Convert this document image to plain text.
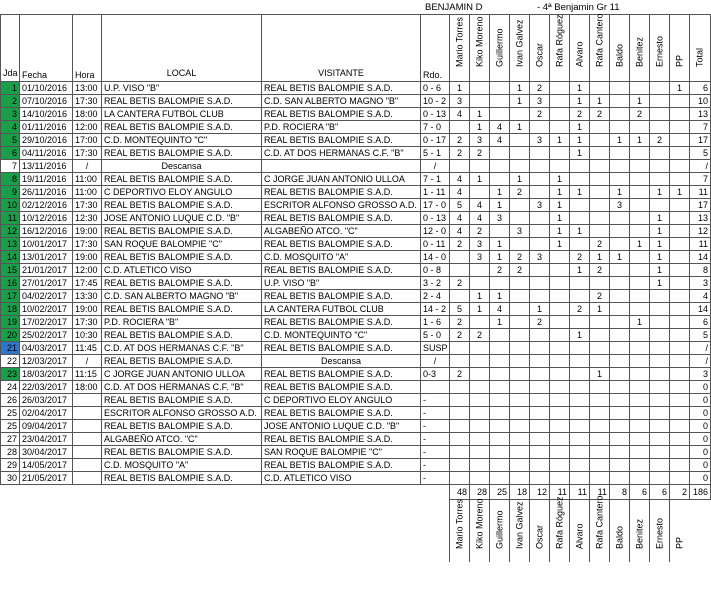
BENJAMIN D	- 4ª Benjamin Gr 11
Jda	Fecha	Hora	LOCAL	VISITANTE	Rdo.	Mario Torres	Kiko Moreno	Guillermo	Ivan Galvez	Oscar	Rafa Róguez	Alvaro	Rafa Cantero	Baldo	Benitez	Ernesto	PP	Total

1	01/10/2016	13:00	U.P. VISO "B"	REAL BETIS BALOMPIE S.A.D.	0 - 6	1			1	2		1					1	6
2	07/10/2016	17:30	REAL BETIS BALOMPIE S.A.D.	C.D. SAN ALBERTO MAGNO "B"	10 - 2	3			1	3		1	1		1			10
3	14/10/2016	18:00	LA CANTERA FUTBOL CLUB	REAL BETIS BALOMPIE S.A.D.	0 - 13	4	1			2		2	2		2			13
4	01/11/2016	12:00	REAL BETIS BALOMPIE S.A.D.	P.D. ROCIERA "B"	7 - 0		1	4	1			1						7
5	29/10/2016	17:00	C.D. MONTEQUINTO "C"	REAL BETIS BALOMPIE S.A.D.	0 - 17	2	3	4		3	1	1		1	1	2		17
6	04/11/2016	17:30	REAL BETIS BALOMPIE S.A.D.	C.D. AT DOS HERMANAS C.F. "B"	5 - 1	2	2					1						5
7	13/11/2016	/	Descansa		/													/
8	19/11/2016	11:00	REAL BETIS BALOMPIE S.A.D.	C JORGE JUAN ANTONIO ULLOA	7 - 1	4	1		1		1							7
9	26/11/2016	11:00	C DEPORTIVO ELOY ANGULO	REAL BETIS BALOMPIE S.A.D.	1 - 11	4		1	2		1	1		1		1	1	11
10	02/12/2016	17:30	REAL BETIS BALOMPIE S.A.D.	ESCRITOR ALFONSO GROSSO A.D.	17 - 0	5	4	1		3	1			3				17
11	10/12/2016	12:30	JOSE ANTONIO LUQUE C.D. "B"	REAL BETIS BALOMPIE S.A.D.	0 - 13	4	4	3			1					1		13
12	16/12/2016	19:00	REAL BETIS BALOMPIE S.A.D.	ALGABEÑO ATCO. "C"	12 - 0	4	2		3		1	1				1		12
13	10/01/2017	17:30	SAN ROQUE BALOMPIE "C"	REAL BETIS BALOMPIE S.A.D.	0 - 11	2	3	1			1		2		1	1		11
14	13/01/2017	19:00	REAL BETIS BALOMPIE S.A.D.	C.D. MOSQUITO "A"	14 - 0		3	1	2	3		2	1	1		1		14
15	21/01/2017	12:00	C.D. ATLETICO VISO	REAL BETIS BALOMPIE S.A.D.	0 - 8			2	2			1	2			1		8
16	27/01/2017	17:45	REAL BETIS BALOMPIE S.A.D.	U.P. VISO "B"	3 - 2	2										1		3
17	04/02/2017	13:30	C.D. SAN ALBERTO MAGNO "B"	REAL BETIS BALOMPIE S.A.D.	2 - 4		1	1					2					4
18	10/02/2017	19:00	REAL BETIS BALOMPIE S.A.D.	LA CANTERA FUTBOL CLUB	14 - 2	5	1	4		1		2	1					14
19	17/02/2017	17:30	P.D. ROCIERA "B"	REAL BETIS BALOMPIE S.A.D.	1 - 6	2		1		2					1			6
20	25/02/2017	10:30	REAL BETIS BALOMPIE S.A.D.	C.D. MONTEQUINTO "C"	5 - 0	2	2					1						5
21	04/03/2017	11:45	C.D. AT DOS HERMANAS C.F. "B"	REAL BETIS BALOMPIE S.A.D.	SUSP													/
22	12/03/2017	/	REAL BETIS BALOMPIE S.A.D.	Descansa	/													/
23	18/03/2017	11:15	C JORGE JUAN ANTONIO ULLOA	REAL BETIS BALOMPIE S.A.D.	0-3	2							1					3
24	22/03/2017	18:00	C.D. AT DOS HERMANAS C.F. "B"	REAL BETIS BALOMPIE S.A.D.														0
26	26/03/2017		REAL BETIS BALOMPIE S.A.D.	C DEPORTIVO ELOY ANGULO	-													0
25	02/04/2017		ESCRITOR ALFONSO GROSSO A.D.	REAL BETIS BALOMPIE S.A.D.	-													0
25	09/04/2017		REAL BETIS BALOMPIE S.A.D.	JOSE ANTONIO LUQUE C.D. "B"	-													0
27	23/04/2017		ALGABEÑO ATCO. "C"	REAL BETIS BALOMPIE S.A.D.	-													0
28	30/04/2017		REAL BETIS BALOMPIE S.A.D.	SAN ROQUE BALOMPIE "C"	-													0
29	14/05/2017		C.D. MOSQUITO "A"	REAL BETIS BALOMPIE S.A.D.	-													0
30	21/05/2017		REAL BETIS BALOMPIE S.A.D.	C.D. ATLETICO VISO	-													0
						48	28	25	18	12	11	11	11	8	6	6	2	186

						Mario Torres	Kiko Moreno	Guillermo	Ivan Galvez	Oscar	Rafa Róguez	Alvaro	Rafa Cantero	Baldo	Benitez	Ernesto	PP	
